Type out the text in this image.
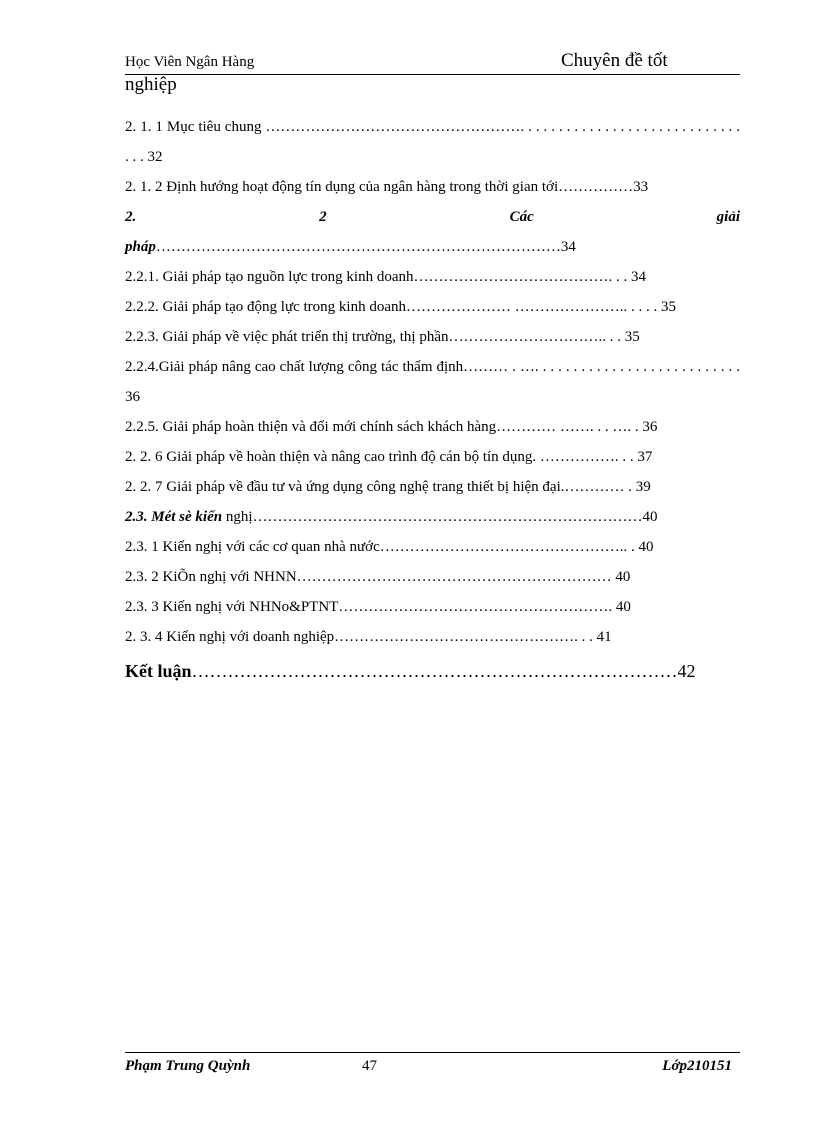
Học Viên Ngân Hàng	Chuyên đề tốt
nghiệp

2. 1. 1 Mục tiêu chung ……………………………………………. . . . . . . . . . . . . . . . . . . . . . . . . . . . . . . . 32

2. 1. 2 Định hướng hoạt động tín dụng của ngân hàng trong thời gian tới……………33

2. 2 Các giải

pháp………………………………………………………………………34

2.2.1. Giải pháp tạo nguồn lực trong kinh doanh…………………………………. . . 34

2.2.2. Giải pháp tạo động lực trong kinh doanh………………… ………………….. . . . . 35

2.2.3. Giải pháp về việc phát triển thị trường, thị phần………………………….. . . 35

2.2.4.Giải pháp nâng cao chất lượng công tác thẩm định……… . …. . . . . . . . . . . . . . . . . . . . . . . . . . . 36

2.2.5. Giải pháp hoàn thiện và đổi mới chính sách khách hàng………… ……. . . …. . 36

2. 2. 6 Giải pháp về hoàn thiện và nâng cao trình độ cán bộ tín dụng. ……………. . . 37

2. 2. 7 Giải pháp về đầu tư và ứng dụng công nghệ trang thiết bị hiện đại.………… . 39

2.3. Mét sè kiến nghị……………………………………………………………………40

2.3. 1 Kiến nghị với các cơ quan nhà nước………………………………………….. . 40

2.3. 2 KiÕn nghị với NHNN……………………………………………………… 40

2.3. 3 Kiến nghị với NHNo&PTNT………………………………………………. 40

2. 3. 4 Kiến nghị với doanh nghiệp…………………………………………. . . 41

Kết luận………………………………………………………………………42

Phạm Trung Quỳnh	47	Lớp210151
